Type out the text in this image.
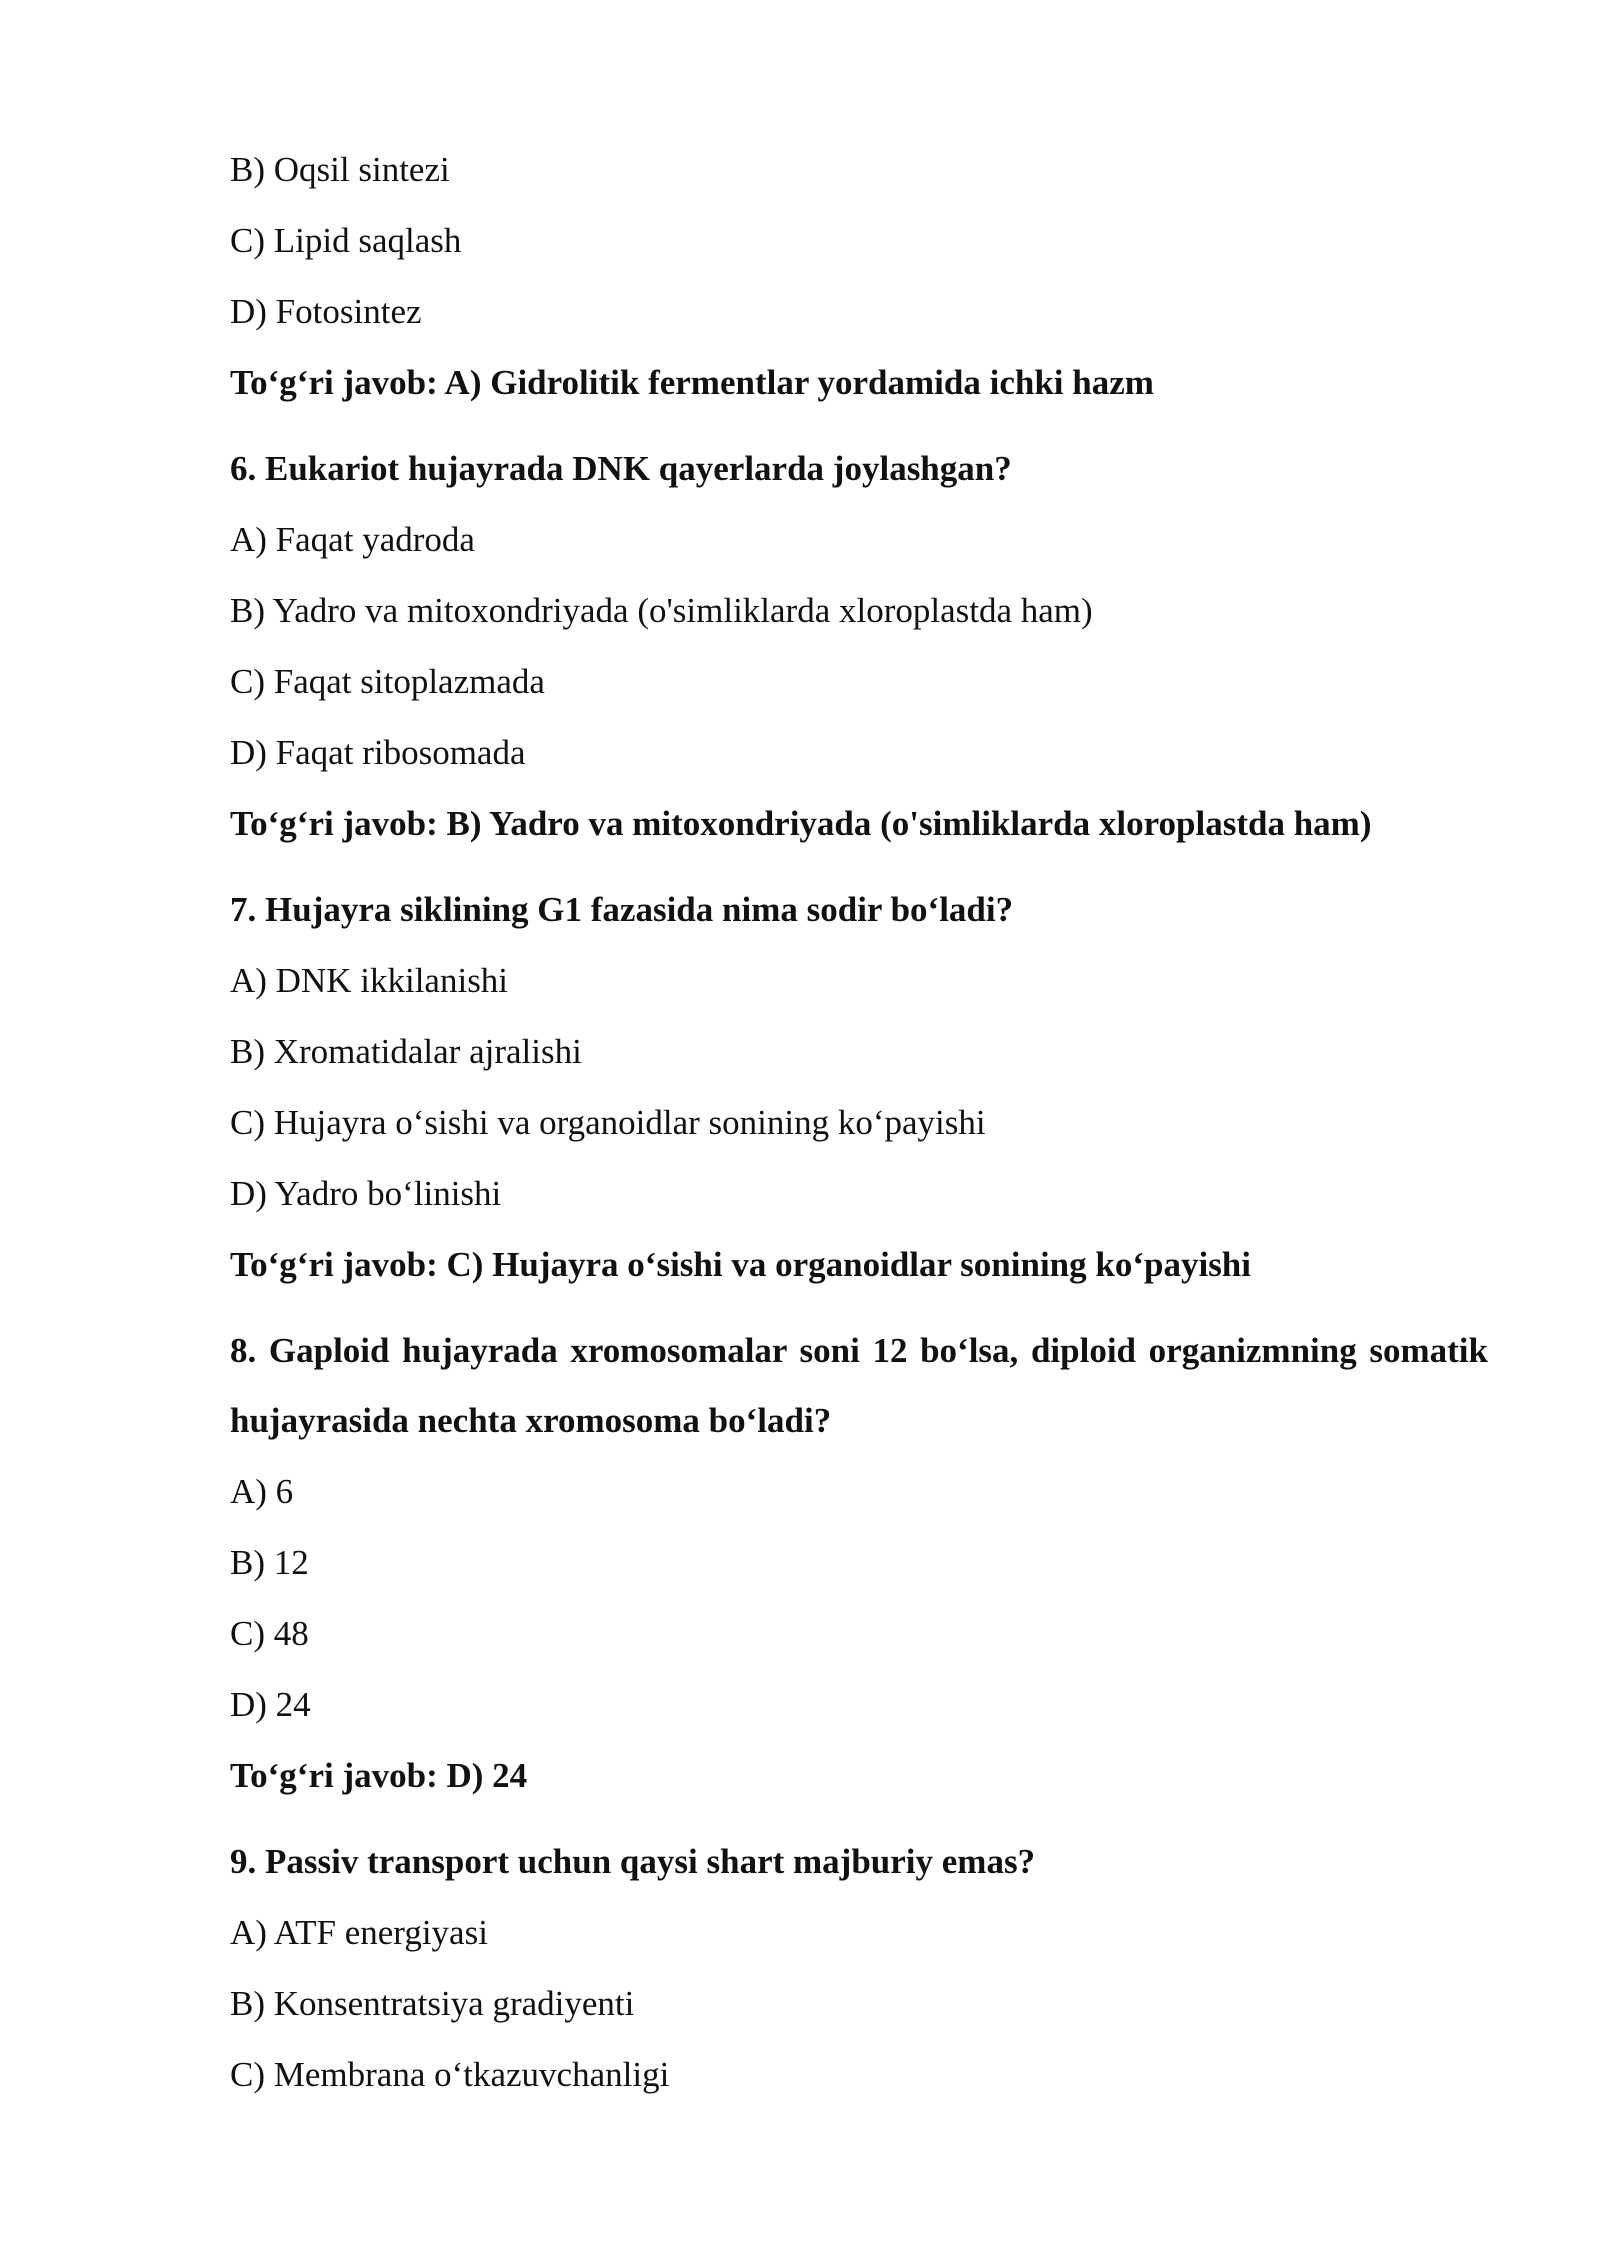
B) Oqsil sintezi
C) Lipid saqlash
D) Fotosintez
To‘g‘ri javob: A) Gidrolitik fermentlar yordamida ichki hazm
6. Eukariot hujayrada DNK qayerlarda joylashgan?
A) Faqat yadroda
B) Yadro va mitoxondriyada (o'simliklarda xloroplastda ham)
C) Faqat sitoplazmada
D) Faqat ribosomada
To‘g‘ri javob: B) Yadro va mitoxondriyada (o'simliklarda xloroplastda ham)
7. Hujayra siklining G1 fazasida nima sodir bo‘ladi?
A) DNK ikkilanishi
B) Xromatidalar ajralishi
C) Hujayra o‘sishi va organoidlar sonining ko‘payishi
D) Yadro bo‘linishi
To‘g‘ri javob: C) Hujayra o‘sishi va organoidlar sonining ko‘payishi
8. Gaploid hujayrada xromosomalar soni 12 bo‘lsa, diploid organizmning somatik hujayrasida nechta xromosoma bo‘ladi?
A) 6
B) 12
C) 48
D) 24
To‘g‘ri javob: D) 24
9. Passiv transport uchun qaysi shart majburiy emas?
A) ATF energiyasi
B) Konsentratsiya gradiyenti
C) Membrana o‘tkazuvchanligi
